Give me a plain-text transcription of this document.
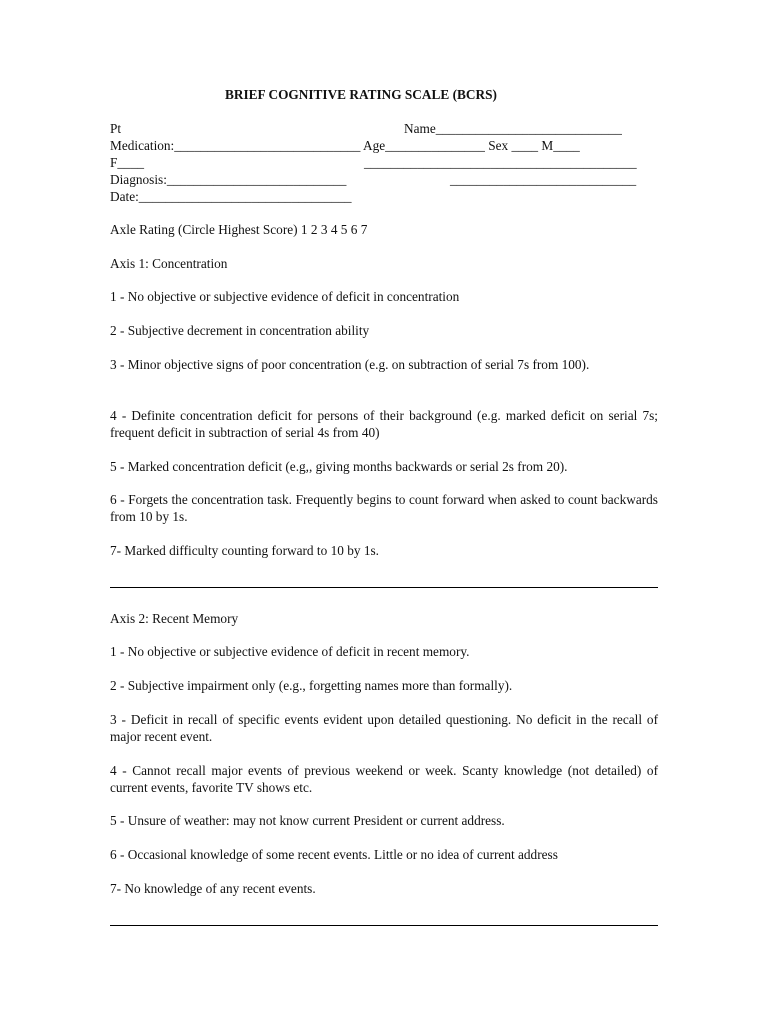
BRIEF COGNITIVE RATING SCALE (BCRS)
Pt	Name____________________________
Medication:____________________________ Age_______________ Sex ____ M____
F____	_________________________________________
Diagnosis:___________________________	____________________________
Date:________________________________
Axle Rating (Circle Highest Score) 1 2 3 4 5 6 7
Axis 1: Concentration
1 - No objective or subjective evidence of deficit in concentration
2 - Subjective decrement in concentration ability
3 - Minor objective signs of poor concentration (e.g. on subtraction of serial 7s from 100).
4 - Definite concentration deficit for persons of their background (e.g. marked deficit on serial 7s; frequent deficit in subtraction of serial 4s from 40)
5 - Marked concentration deficit (e.g,, giving months backwards or serial 2s from 20).
6 - Forgets the concentration task. Frequently begins to count forward when asked to count backwards from 10 by 1s.
7- Marked difficulty counting forward to 10 by 1s.
Axis 2: Recent Memory
1 - No objective or subjective evidence of deficit in recent memory.
2 - Subjective impairment only (e.g., forgetting names more than formally).
3 - Deficit in recall of specific events evident upon detailed questioning. No deficit in the recall of major recent event.
4 - Cannot recall major events of previous weekend or week. Scanty knowledge (not detailed) of current events, favorite TV shows etc.
5 - Unsure of weather: may not know current President or current address.
6 - Occasional knowledge of some recent events. Little or no idea of current address
7- No knowledge of any recent events.
